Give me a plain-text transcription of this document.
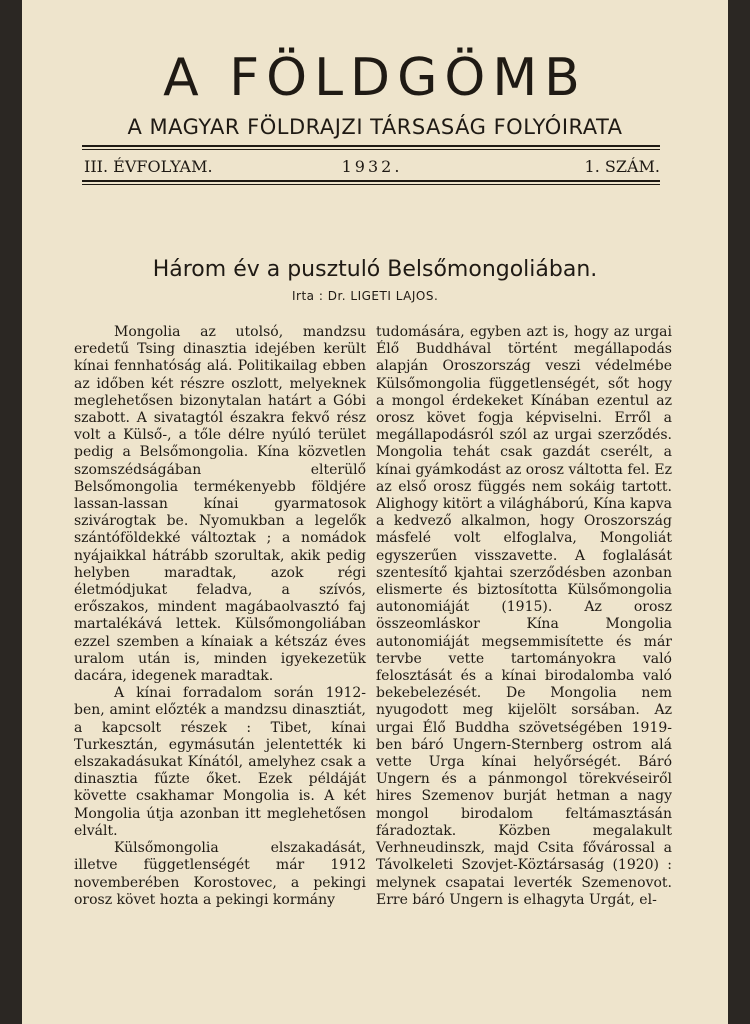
A FÖLDGÖMB
A MAGYAR FÖLDRAJZI TÁRSASÁG FOLYÓIRATA
III. ÉVFOLYAM.	1932.	1. SZÁM.
Három év a pusztuló Belsőmongoliában.
Irta : Dr. LIGETI LAJOS.

Mongolia az utolsó, mandzsu eredetű Tsing dinasztia idejében került kínai fennhatóság alá. Politikailag ebben az időben két részre oszlott, melyeknek meglehetősen bizonytalan határt a Góbi szabott. A sivatagtól északra fekvő rész volt a Külső-, a tőle délre nyúló terület pedig a Belsőmongolia. Kína közvetlen szomszédságában elterülő Belsőmongolia termékenyebb földjére lassan-lassan kínai gyarmatosok szivárogtak be. Nyomukban a legelők szántóföldekké változtak ; a nomádok nyájaikkal hátrább szorultak, akik pedig helyben maradtak, azok régi életmódjukat feladva, a szívós, erőszakos, mindent magábaolvasztó faj martalékává lettek. Külsőmongoliában ezzel szemben a kínaiak a kétszáz éves uralom után is, minden igyekezetük dacára, idegenek maradtak.

A kínai forradalom során 1912-ben, amint előzték a mandzsu dinasztiát, a kapcsolt részek : Tibet, kínai Turkesztán, egymásután jelentették ki elszakadásukat Kínától, amelyhez csak a dinasztia fűzte őket. Ezek példáját követte csakhamar Mongolia is. A két Mongolia útja azonban itt meglehetősen elvált.

Külsőmongolia elszakadását, illetve függetlenségét már 1912 novemberében Korostovec, a pekingi orosz követ hozta a pekingi kormány

tudomására, egyben azt is, hogy az urgai Élő Buddhával történt megállapodás alapján Oroszország veszi védelmébe Külsőmongolia függetlenségét, sőt hogy a mongol érdekeket Kínában ezentul az orosz követ fogja képviselni. Erről a megállapodásról szól az urgai szerződés. Mongolia tehát csak gazdát cserélt, a kínai gyámkodást az orosz váltotta fel. Ez az első orosz függés nem sokáig tartott. Alighogy kitört a világháború, Kína kapva a kedvező alkalmon, hogy Oroszország másfelé volt elfoglalva, Mongoliát egyszerűen visszavette. A foglalását szentesítő kjahtai szerződésben azonban elismerte és biztosította Külsőmongolia autonomiáját (1915). Az orosz összeomláskor Kína Mongolia autonomiáját megsemmisítette és már tervbe vette tartományokra való felosztását és a kínai birodalomba való bekebelezését. De Mongolia nem nyugodott meg kijelölt sorsában. Az urgai Élő Buddha szövetségében 1919-ben báró Ungern-Sternberg ostrom alá vette Urga kínai helyőrségét. Báró Ungern és a pánmongol törekvéseiről hires Szemenov burját hetman a nagy mongol birodalom feltámasztásán fáradoztak. Közben megalakult Verhneudinszk, majd Csita fővárossal a Távolkeleti Szovjet-Köztársaság (1920) : melynek csapatai leverték Szemenovot. Erre báró Ungern is elhagyta Urgát, el-
